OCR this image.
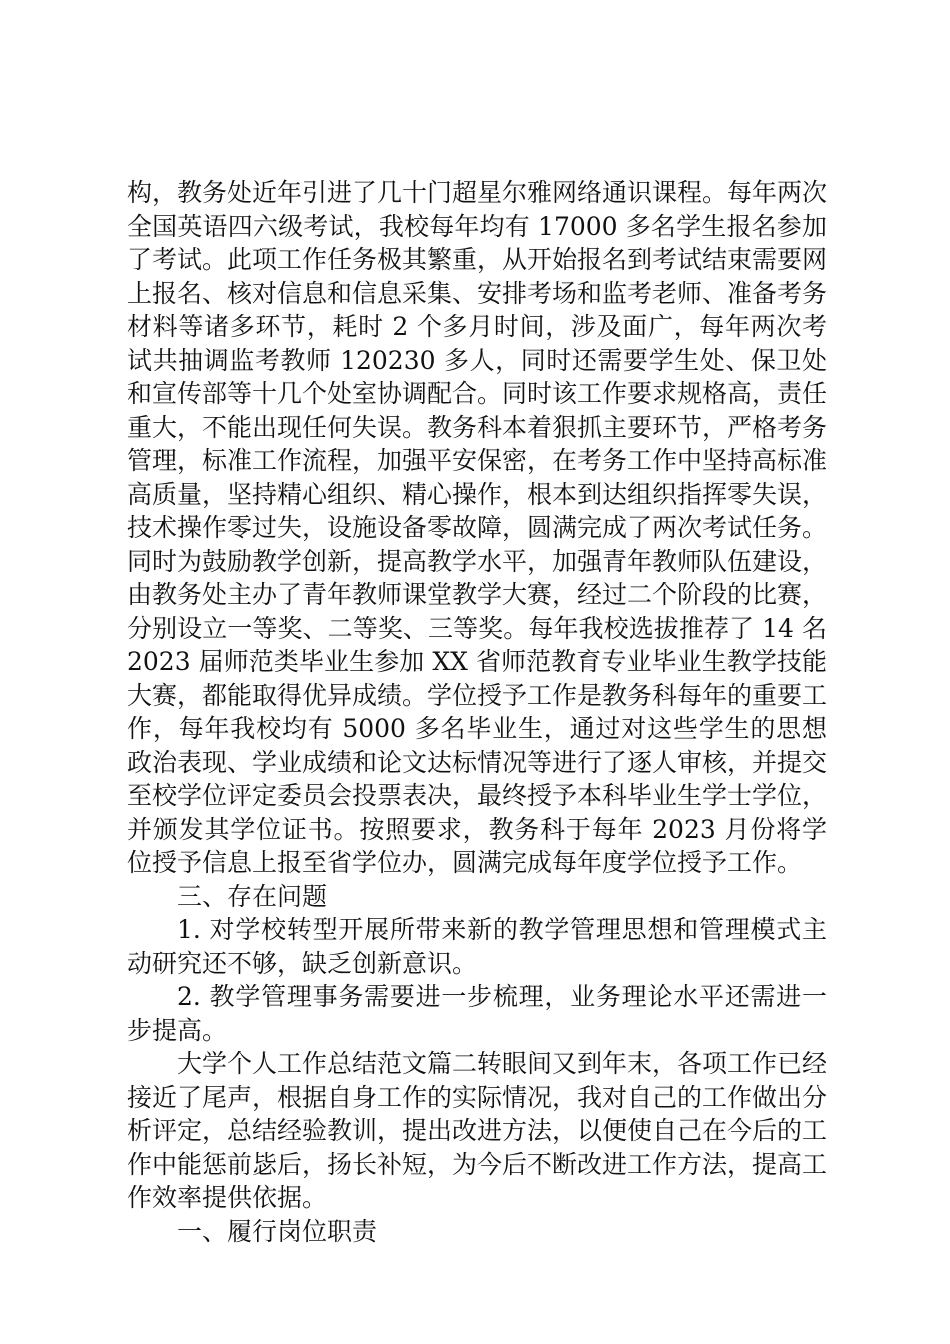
构，教务处近年引进了几十门超星尔雅网络通识课程。每年两次全国英语四六级考试，我校每年均有 17000 多名学生报名参加了考试。此项工作任务极其繁重，从开始报名到考试结束需要网上报名、核对信息和信息采集、安排考场和监考老师、准备考务材料等诸多环节，耗时 2 个多月时间，涉及面广，每年两次考试共抽调监考教师 120230 多人，同时还需要学生处、保卫处和宣传部等十几个处室协调配合。同时该工作要求规格高，责任重大，不能出现任何失误。教务科本着狠抓主要环节，严格考务管理，标准工作流程，加强平安保密，在考务工作中坚持高标准高质量，坚持精心组织、精心操作，根本到达组织指挥零失误，技术操作零过失，设施设备零故障，圆满完成了两次考试任务。同时为鼓励教学创新，提高教学水平，加强青年教师队伍建设，由教务处主办了青年教师课堂教学大赛，经过二个阶段的比赛，分别设立一等奖、二等奖、三等奖。每年我校选拔推荐了 14 名 2023 届师范类毕业生参加 XX 省师范教育专业毕业生教学技能大赛，都能取得优异成绩。学位授予工作是教务科每年的重要工作，每年我校均有 5000 多名毕业生，通过对这些学生的思想政治表现、学业成绩和论文达标情况等进行了逐人审核，并提交至校学位评定委员会投票表决，最终授予本科毕业生学士学位，并颁发其学位证书。按照要求，教务科于每年 2023 月份将学位授予信息上报至省学位办，圆满完成每年度学位授予工作。

三、存在问题

1. 对学校转型开展所带来新的教学管理思想和管理模式主动研究还不够，缺乏创新意识。

2. 教学管理事务需要进一步梳理，业务理论水平还需进一步提高。

大学个人工作总结范文篇二转眼间又到年末，各项工作已经接近了尾声，根据自身工作的实际情况，我对自己的工作做出分析评定，总结经验教训，提出改进方法，以便使自己在今后的工作中能惩前毖后，扬长补短，为今后不断改进工作方法，提高工作效率提供依据。

一、履行岗位职责
